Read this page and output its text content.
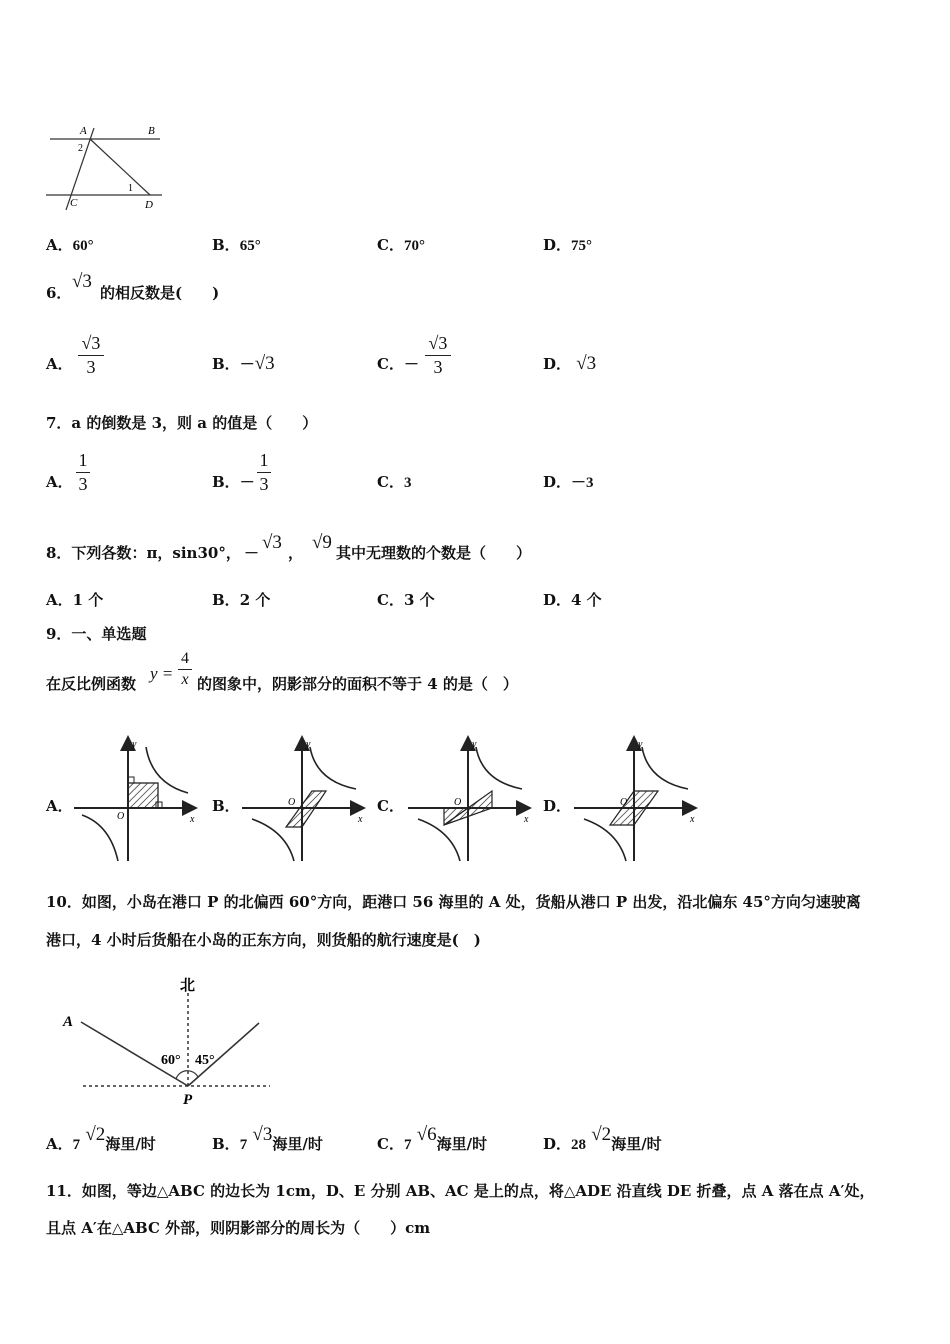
A	B
C	D
1
2
A．60°	B．65°	C．70°	D．75°
6．
√3
的相反数是(　　)
A．
√3
3	B．－√3	C．－
√3
3	D． √3
7．a 的倒数是 3，则 a 的值是（　　）
A．
1
3	B．－
1
3	C．3	D．－3
8．下列各数：π，sin30°， － √3 ， √9 其中无理数的个数是（　　）
A．1 个	B．2 个	C．3 个	D．4 个
9．一、单选题
在反比例函数
y =
4
x 的图象中，阴影部分的面积不等于 4 的是（　）
A．	B．	C．	D．
y
O	x
y
O
x
y
O
x
y
O
x
10．如图，小岛在港口 P 的北偏西 60°方向，距港口 56 海里的 A 处，货船从港口 P 出发，沿北偏东 45°方向匀速驶离
港口，4 小时后货船在小岛的正东方向，则货船的航行速度是(　)
北
A
P
60° 45°
A．7 √2海里/时	B．7 √3海里/时	C．7 √6海里/时	D．28 √2海里/时
11．如图，等边△ABC 的边长为 1cm，D、E 分别 AB、AC 是上的点，将△ADE 沿直线 DE 折叠，点 A 落在点 A′处，
且点 A′在△ABC 外部，则阴影部分的周长为（　　）cm
